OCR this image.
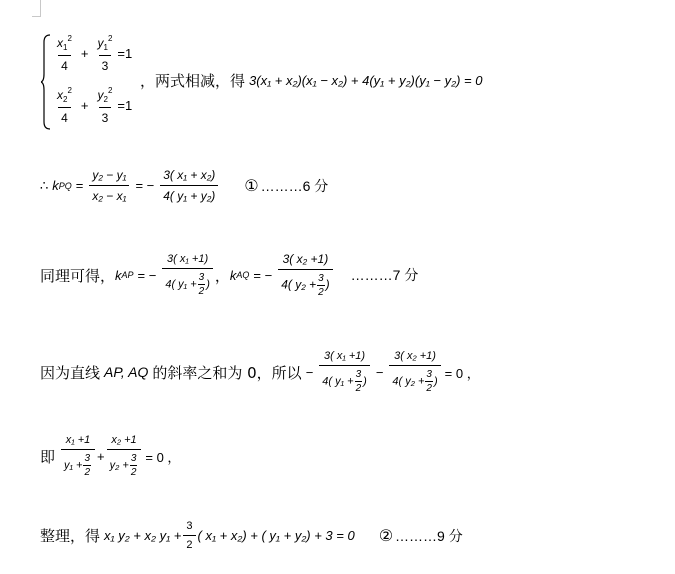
$\frac{x_1^2}{4} + \frac{y_1^2}{3} =1$
$\frac{x_2^2}{4} + \frac{y_2^2}{3} =1$
，两式相减，得 3(x₁ + x₂)(x₁ − x₂) + 4(y₁ + y₂)(y₁ − y₂) = 0
∴ k PQ = $\frac{\text{y₂ − y₁}}{\text{x₂ − x₁}}$ = − $\frac{\text{3( x₁ + x₂)}}{\text{4( y₁ + y₂)}}$ ① ………6 分
同理可得， k AP = − $\frac{\text{3( x₁ +1)}}{4( y_1 + \frac{3}{2} )}$ ， k AQ = − $\frac{\text{3( x₂ +1)}}{4( y_2 + \frac{3}{2} )}$ ………7 分
因为直线 AP, AQ 的斜率之和为 0，所以 − $\frac{\text{3( x₁ +1)}}{4( y_1 + \frac{3}{2} )} - \frac{\text{3( x₂ +1)}}{4( y_2 + \frac{3}{2} )} = 0$ ，
即 $\frac{\text{x₁ +1}}{y_1 + \frac{3}{2}} + \frac{\text{x₂ +1}}{y_2 + \frac{3}{2}} = 0$ ，
整理，得 x₁ y₂ + x₂ $y_1 + \frac{3}{2}$ ( x₁ + x₂) + ( y₁ + y₂) + 3 = 0 ② ………9 分
